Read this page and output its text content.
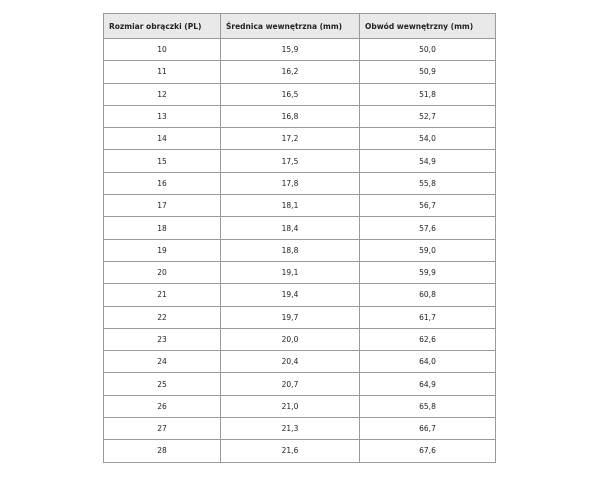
Rozmiar obrączki (PL)	Średnica wewnętrzna (mm)	Obwód wewnętrzny (mm)
10	15,9	50,0
11	16,2	50,9
12	16,5	51,8
13	16,8	52,7
14	17,2	54,0
15	17,5	54,9
16	17,8	55,8
17	18,1	56,7
18	18,4	57,6
19	18,8	59,0
20	19,1	59,9
21	19,4	60,8
22	19,7	61,7
23	20,0	62,6
24	20,4	64,0
25	20,7	64,9
26	21,0	65,8
27	21,3	66,7
28	21,6	67,6
